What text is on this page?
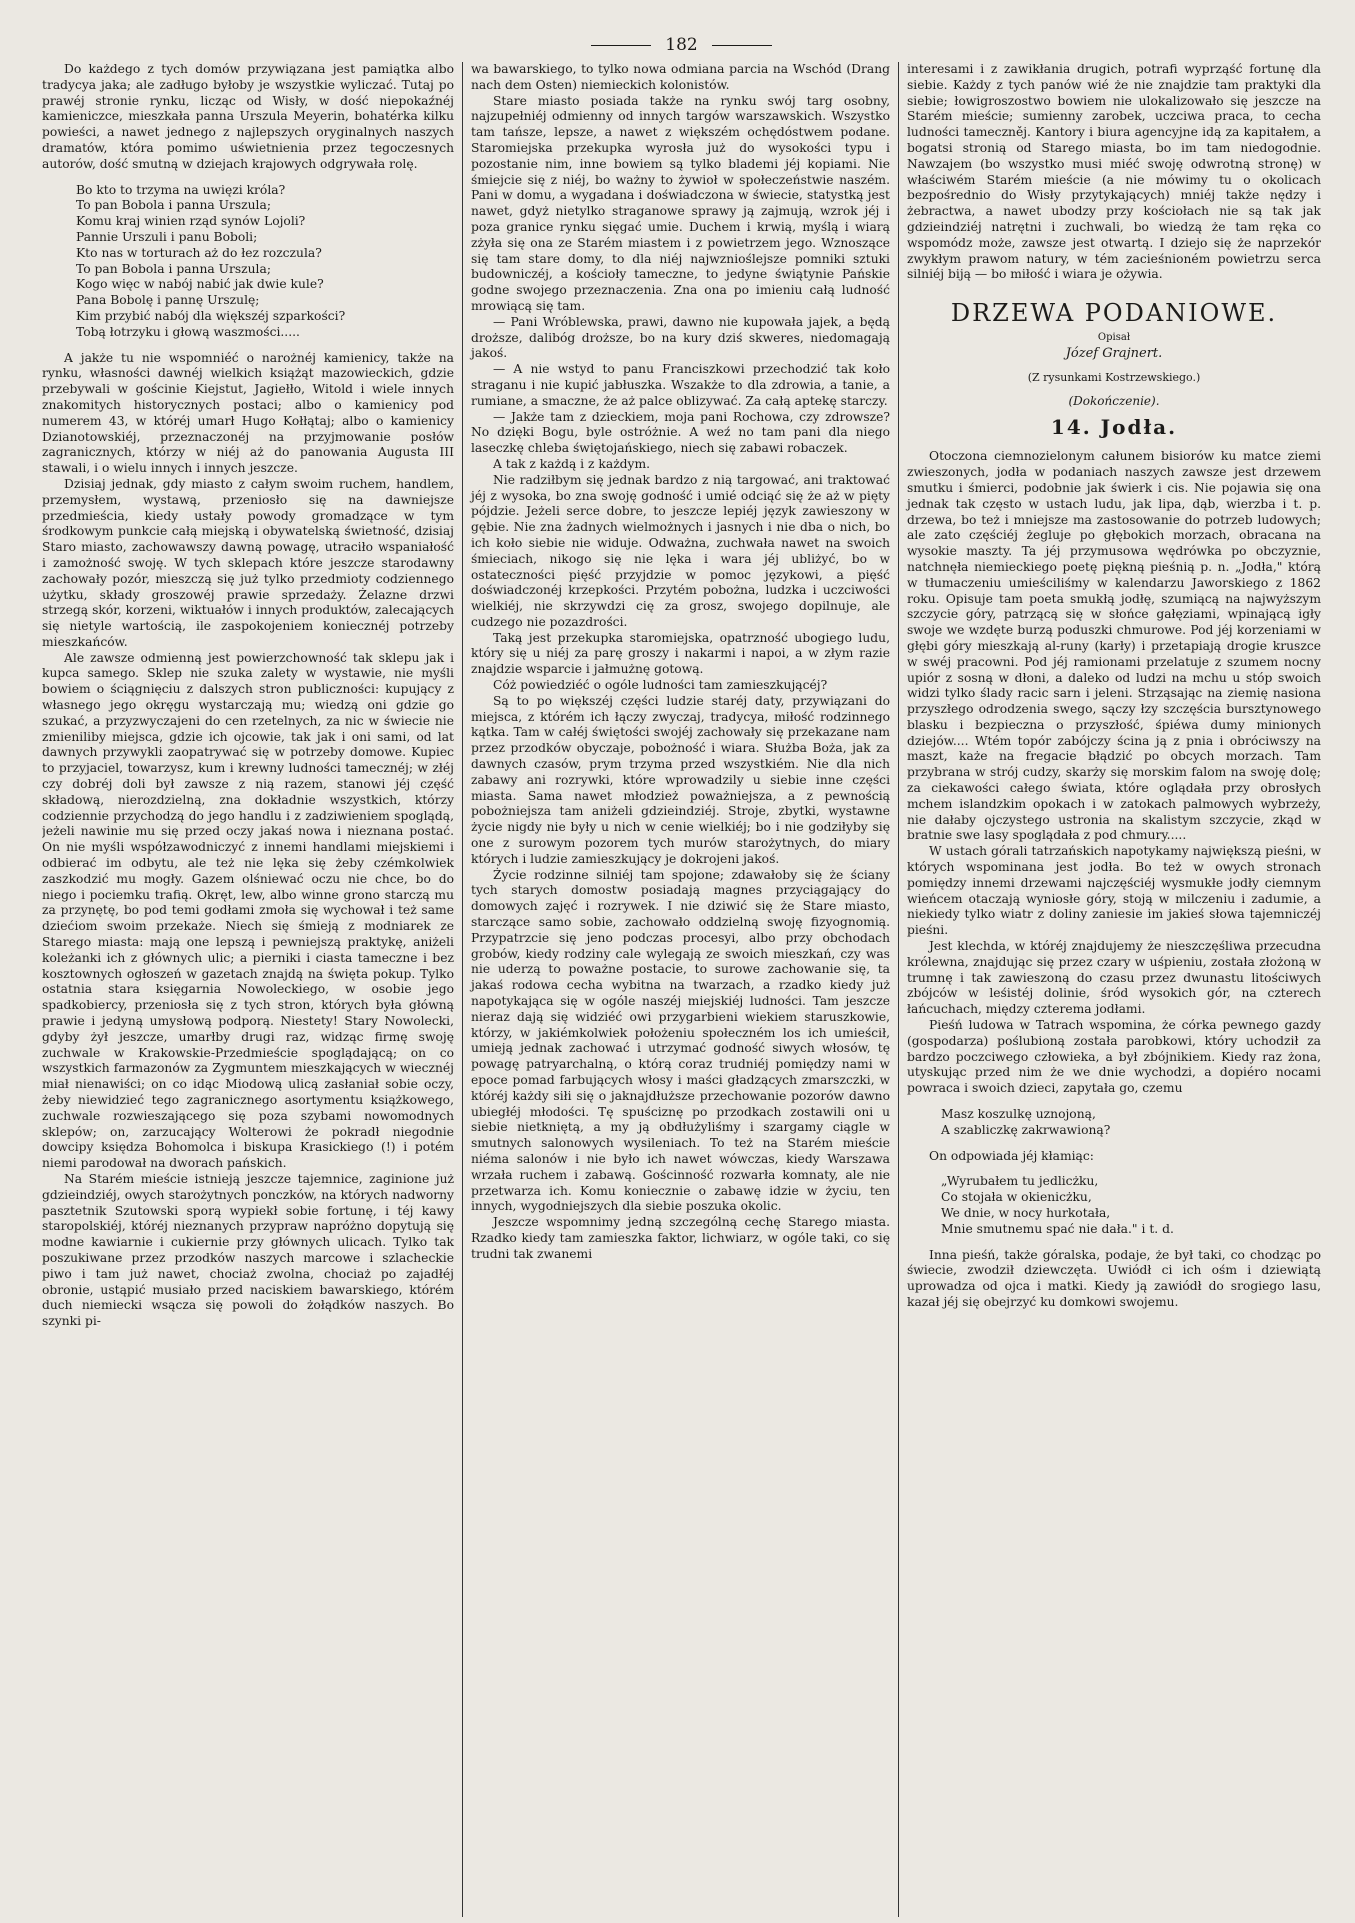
182

Do każdego z tych domów przywiązana jest pamiątka albo tradycya jaka; ale zadługo byłoby je wszystkie wyliczać. Tutaj po prawéj stronie rynku, licząc od Wisły, w dość niepokaźnéj kamieniczce, mieszkała panna Urszula Meyerin, bohatérka kilku powieści, a nawet jednego z najlepszych oryginalnych naszych dramatów, która pomimo uświetnienia przez tegoczesnych autorów, dość smutną w dziejach krajowych odgrywała rolę.

Bo kto to trzyma na uwięzi króla?
To pan Bobola i panna Urszula;
Komu kraj winien rząd synów Lojoli?
Pannie Urszuli i panu Boboli;
Kto nas w torturach aż do łez rozczula?
To pan Bobola i panna Urszula;
Kogo więc w nabój nabić jak dwie kule?
Pana Bobolę i pannę Urszulę;
Kim przybić nabój dla większéj szparkości?
Tobą łotrzyku i głową waszmości.....

A jakże tu nie wspomniéć o narożnéj kamienicy, także na rynku, własności dawnéj wielkich książąt mazowieckich, gdzie przebywali w gościnie Kiejstut, Jagiełło, Witold i wiele innych znakomitych historycznych postaci; albo o kamienicy pod numerem 43, w któréj umarł Hugo Kołłątaj; albo o kamienicy Dzianotowskiéj, przeznaczonéj na przyjmowanie posłów zagranicznych, którzy w niéj aż do panowania Augusta III stawali, i o wielu innych i innych jeszcze.

Dzisiaj jednak, gdy miasto z całym swoim ruchem, handlem, przemysłem, wystawą, przeniosło się na dawniejsze przedmieścia, kiedy ustały powody gromadzące w tym środkowym punkcie całą miejską i obywatelską świetność, dzisiaj Staro miasto, zachowawszy dawną powagę, utraciło wspaniałość i zamożność swoję. W tych sklepach które jeszcze starodawny zachowały pozór, mieszczą się już tylko przedmioty codziennego użytku, składy groszowéj prawie sprzedaży. Żelazne drzwi strzegą skór, korzeni, wiktuałów i innych produktów, zalecających się nietyle wartością, ile zaspokojeniem koniecznéj potrzeby mieszkańców.

Ale zawsze odmienną jest powierzchowność tak sklepu jak i kupca samego. Sklep nie szuka zalety w wystawie, nie myśli bowiem o ściągnięciu z dalszych stron publiczności: kupujący z własnego jego okręgu wystarczają mu; wiedzą oni gdzie go szukać, a przyzwyczajeni do cen rzetelnych, za nic w świecie nie zmieniliby miejsca, gdzie ich ojcowie, tak jak i oni sami, od lat dawnych przywykli zaopatrywać się w potrzeby domowe. Kupiec to przyjaciel, towarzysz, kum i krewny ludności tamecznéj; w złéj czy dobréj doli był zawsze z nią razem, stanowi jéj część składową, nierozdzielną, zna dokładnie wszystkich, którzy codziennie przychodzą do jego handlu i z zadziwieniem spoglądą, jeżeli nawinie mu się przed oczy jakaś nowa i nieznana postać. On nie myśli współzawodniczyć z innemi handlami miejskiemi i odbierać im odbytu, ale też nie lęka się żeby czémkolwiek zaszkodzić mu mogły. Gazem olśniewać oczu nie chce, bo do niego i pociemku trafią. Okręt, lew, albo winne grono starczą mu za przynętę, bo pod temi godłami zmoła się wychował i też same dziećiom swoim przekaże. Niech się śmieją z modniarek ze Starego miasta: mają one lepszą i pewniejszą praktykę, aniżeli koleżanki ich z głównych ulic; a pierniki i ciasta tameczne i bez kosztownych ogłoszeń w gazetach znajdą na święta pokup. Tylko ostatnia stara księgarnia Nowoleckiego, w osobie jego spadkobiercy, przeniosła się z tych stron, których była główną prawie i jedyną umysłową podporą. Niestety! Stary Nowolecki, gdyby żył jeszcze, umarłby drugi raz, widząc firmę swoję zuchwale w Krakowskie-Przedmieście spoglądającą; on co wszystkich farmazonów za Zygmuntem mieszkających w wiecznéj miał nienawiści; on co idąc Miodową ulicą zasłaniał sobie oczy, żeby niewidzieć tego zagranicznego asortymentu książkowego, zuchwale rozwieszającego się poza szybami nowomodnych sklepów; on, zarzucający Wolterowi że pokradł niegodnie dowcipy księdza Bohomolca i biskupa Krasickiego (!) i potém niemi parodował na dworach pańskich.

Na Starém mieście istnieją jeszcze tajemnice, zaginione już gdzieindziéj, owych starożytnych ponczków, na których nadworny pasztetnik Szutowski sporą wypiekł sobie fortunę, i téj kawy staropolskiéj, któréj nieznanych przypraw napróżno dopytują się modne kawiarnie i cukiernie przy głównych ulicach. Tylko tak poszukiwane przez przodków naszych marcowe i szlacheckie piwo i tam już nawet, chociaż zwolna, chociaż po zajadłéj obronie, ustąpić musiało przed naciskiem bawarskiego, którém duch niemiecki wsącza się powoli do żołądków naszych. Bo szynki pi-

wa bawarskiego, to tylko nowa odmiana parcia na Wschód (Drang nach dem Osten) niemieckich kolonistów.

Stare miasto posiada także na rynku swój targ osobny, najzupełniéj odmienny od innych targów warszawskich. Wszystko tam tańsze, lepsze, a nawet z większém ochędóstwem podane. Staromiejska przekupka wyrosła już do wysokości typu i pozostanie nim, inne bowiem są tylko blademi jéj kopiami. Nie śmiejcie się z niéj, bo ważny to żywioł w społeczeństwie naszém. Pani w domu, a wygadana i doświadczona w świecie, statystką jest nawet, gdyż nietylko straganowe sprawy ją zajmują, wzrok jéj i poza granice rynku sięgać umie. Duchem i krwią, myślą i wiarą zżyła się ona ze Starém miastem i z powietrzem jego. Wznoszące się tam stare domy, to dla niéj najwznioślejsze pomniki sztuki budowniczéj, a kościoły tameczne, to jedyne świątynie Pańskie godne swojego przeznaczenia. Zna ona po imieniu całą ludność mrowiącą się tam.

— Pani Wróblewska, prawi, dawno nie kupowała jajek, a będą droższe, dalibóg droższe, bo na kury dziś skweres, niedomagają jakoś.

— A nie wstyd to panu Franciszkowi przechodzić tak koło straganu i nie kupić jabłuszka. Wszakże to dla zdrowia, a tanie, a rumiane, a smaczne, że aż palce oblizywać. Za całą aptekę starczy.

— Jakże tam z dzieckiem, moja pani Rochowa, czy zdrowsze? No dzięki Bogu, byle ostróżnie. A weź no tam pani dla niego laseczkę chleba świętojańskiego, niech się zabawi robaczek.

A tak z każdą i z każdym.

Nie radziłbym się jednak bardzo z nią targować, ani traktować jéj z wysoka, bo zna swoję godność i umié odciąć się że aż w pięty pójdzie. Jeżeli serce dobre, to jeszcze lepiéj język zawieszony w gębie. Nie zna żadnych wielmożnych i jasnych i nie dba o nich, bo ich koło siebie nie widuje. Odważna, zuchwała nawet na swoich śmieciach, nikogo się nie lęka i wara jéj ubliżyć, bo w ostateczności pięść przyjdzie w pomoc językowi, a pięść doświadczonéj krzepkości. Przytém pobożna, ludzka i uczciwości wielkiéj, nie skrzywdzi cię za grosz, swojego dopilnuje, ale cudzego nie pozazdrości.

Taką jest przekupka staromiejska, opatrzność ubogiego ludu, który się u niéj za parę groszy i nakarmi i napoi, a w złym razie znajdzie wsparcie i jałmużnę gotową.

Cóż powiedziéć o ogóle ludności tam zamieszkującéj?

Są to po większéj części ludzie staréj daty, przywiązani do miejsca, z którém ich łączy zwyczaj, tradycya, miłość rodzinnego kątka. Tam w całéj świętości swojéj zachowały się przekazane nam przez przodków obyczaje, pobożność i wiara. Służba Boża, jak za dawnych czasów, prym trzyma przed wszystkiém. Nie dla nich zabawy ani rozrywki, które wprowadzily u siebie inne części miasta. Sama nawet młodzież poważniejsza, a z pewnością pobożniejsza tam aniżeli gdzieindziéj. Stroje, zbytki, wystawne życie nigdy nie były u nich w cenie wielkiéj; bo i nie godziłyby się one z surowym pozorem tych murów starożytnych, do miary których i ludzie zamieszkujący je dokrojeni jakoś.

Życie rodzinne silniéj tam spojone; zdawałoby się że ściany tych starych domostw posiadają magnes przyciągający do domowych zajęć i rozrywek. I nie dziwić się że Stare miasto, starczące samo sobie, zachowało oddzielną swoję fizyognomią. Przypatrzcie się jeno podczas procesyi, albo przy obchodach grobów, kiedy rodziny cale wylegają ze swoich mieszkań, czy was nie uderzą to poważne postacie, to surowe zachowanie się, ta jakaś rodowa cecha wybitna na twarzach, a rzadko kiedy już napotykająca się w ogóle naszéj miejskiéj ludności. Tam jeszcze nieraz dają się widziéć owi przygarbieni wiekiem staruszkowie, którzy, w jakiémkolwiek położeniu społeczném los ich umieścił, umieją jednak zachować i utrzymać godność siwych włosów, tę powagę patryarchalną, o którą coraz trudniéj pomiędzy nami w epoce pomad farbujących włosy i maści gładzących zmarszczki, w któréj każdy siłi się o jaknajdłuższe przechowanie pozorów dawno ubiegłéj młodości. Tę spuściznę po przodkach zostawili oni u siebie nietkniętą, a my ją obdłużyliśmy i szargamy ciągle w smutnych salonowych wysileniach. To też na Starém mieście niéma salonów i nie było ich nawet wówczas, kiedy Warszawa wrzała ruchem i zabawą. Gościnność rozwarła komnaty, ale nie przetwarza ich. Komu koniecznie o zabawę idzie w życiu, ten innych, wygodniejszych dla siebie poszuka okolic.

Jeszcze wspomnimy jedną szczególną cechę Starego miasta. Rzadko kiedy tam zamieszka faktor, lichwiarz, w ogóle taki, co się trudni tak zwanemi

interesami i z zawikłania drugich, potrafi wyprząść fortunę dla siebie. Każdy z tych panów wié że nie znajdzie tam praktyki dla siebie; łowigroszostwo bowiem nie ulokalizowało się jeszcze na Starém mieście; sumienny zarobek, uczciwa praca, to cecha ludności tameczněj. Kantory i biura agencyjne idą za kapitałem, a bogatsi stronią od Starego miasta, bo im tam niedogodnie. Nawzajem (bo wszystko musi miéć swoję odwrotną stronę) w właściwém Starém mieście (a nie mówimy tu o okolicach bezpośrednio do Wisły przytykających) mniéj także nędzy i żebractwa, a nawet ubodzy przy kościołach nie są tak jak gdzieindziéj natrętni i zuchwali, bo wiedzą że tam ręka co wspomódz może, zawsze jest otwartą. I dziejo się że naprzekór zwykłym prawom natury, w tém zacieśnioném powietrzu serca silniéj biją — bo miłość i wiara je ożywia.

DRZEWA PODANIOWE.
Opisał
Józef Grajnert.
(Z rysunkami Kostrzewskiego.)
(Dokończenie).
14. Jodła.

Otoczona ciemnozielonym całunem bisiorów ku matce ziemi zwieszonych, jodła w podaniach naszych zawsze jest drzewem smutku i śmierci, podobnie jak świerk i cis. Nie pojawia się ona jednak tak często w ustach ludu, jak lipa, dąb, wierzba i t. p. drzewa, bo też i mniejsze ma zastosowanie do potrzeb ludowych; ale zato częściéj żegluje po głębokich morzach, obracana na wysokie maszty. Ta jéj przymusowa wędrówka po obczyznie, natchnęła niemieckiego poetę piękną pieśnią p. n. „Jodła," którą w tłumaczeniu umieściliśmy w kalendarzu Jaworskiego z 1862 roku. Opisuje tam poeta smukłą jodłę, szumiącą na najwyższym szczycie góry, patrzącą się w słońce gałęziami, wpinającą igły swoje we wzdęte burzą poduszki chmurowe. Pod jéj korzeniami w głębi góry mieszkają al-runy (karły) i przetapiają drogie kruszce w swéj pracowni. Pod jéj ramionami przelatuje z szumem nocny upiór z sosną w dłoni, a daleko od ludzi na mchu u stóp swoich widzi tylko ślady racic sarn i jeleni. Strząsając na ziemię nasiona przyszłego odrodzenia swego, sączy łzy szczęścia bursztynowego blasku i bezpieczna o przyszłość, śpiéwa dumy minionych dziejów.... Wtém topór zabójczy ścina ją z pnia i obróciwszy na maszt, każe na fregacie błądzić po obcych morzach. Tam przybrana w strój cudzy, skarży się morskim falom na swoję dolę; za ciekawości całego świata, które oglądała przy obrosłych mchem islandzkim opokach i w zatokach palmowych wybrzeży, nie dałaby ojczystego ustronia na skalistym szczycie, zkąd w bratnie swe lasy spoglądała z pod chmury.....

W ustach górali tatrzańskich napotykamy największą pieśni, w których wspominana jest jodła. Bo też w owych stronach pomiędzy innemi drzewami najczęściéj wysmukłe jodły ciemnym wieńcem otaczają wyniosłe góry, stoją w milczeniu i zadumie, a niekiedy tylko wiatr z doliny zaniesie im jakieś słowa tajemniczéj pieśni.

Jest klechda, w któréj znajdujemy że nieszczęśliwa przecudna królewna, znajdując się przez czary w uśpieniu, została złożoną w trumnę i tak zawieszoną do czasu przez dwunastu litościwych zbójców w leśistéj dolinie, śród wysokich gór, na czterech łańcuchach, między czterema jodłami.

Pieśń ludowa w Tatrach wspomina, że córka pewnego gazdy (gospodarza) poślubioną została parobkowi, który uchodził za bardzo poczciwego człowieka, a był zbójnikiem. Kiedy raz żona, utyskując przed nim że we dnie wychodzi, a dopiéro nocami powraca i swoich dzieci, zapytała go, czemu

Masz koszulkę uznojoną,
A szabliczkę zakrwawioną?

On odpowiada jéj kłamiąc:

„Wyrubałem tu jedlicżku,
Co stojała w okienicżku,
We dnie, w nocy hurkotała,
Mnie smutnemu spać nie dała." i t. d.

Inna pieśń, także góralska, podaje, że był taki, co chodząc po świecie, zwodził dziewczęta. Uwiódł ci ich ośm i dziewiątą uprowadza od ojca i matki. Kiedy ją zawiódł do srogiego lasu, kazał jéj się obejrzyć ku domkowi swojemu.
